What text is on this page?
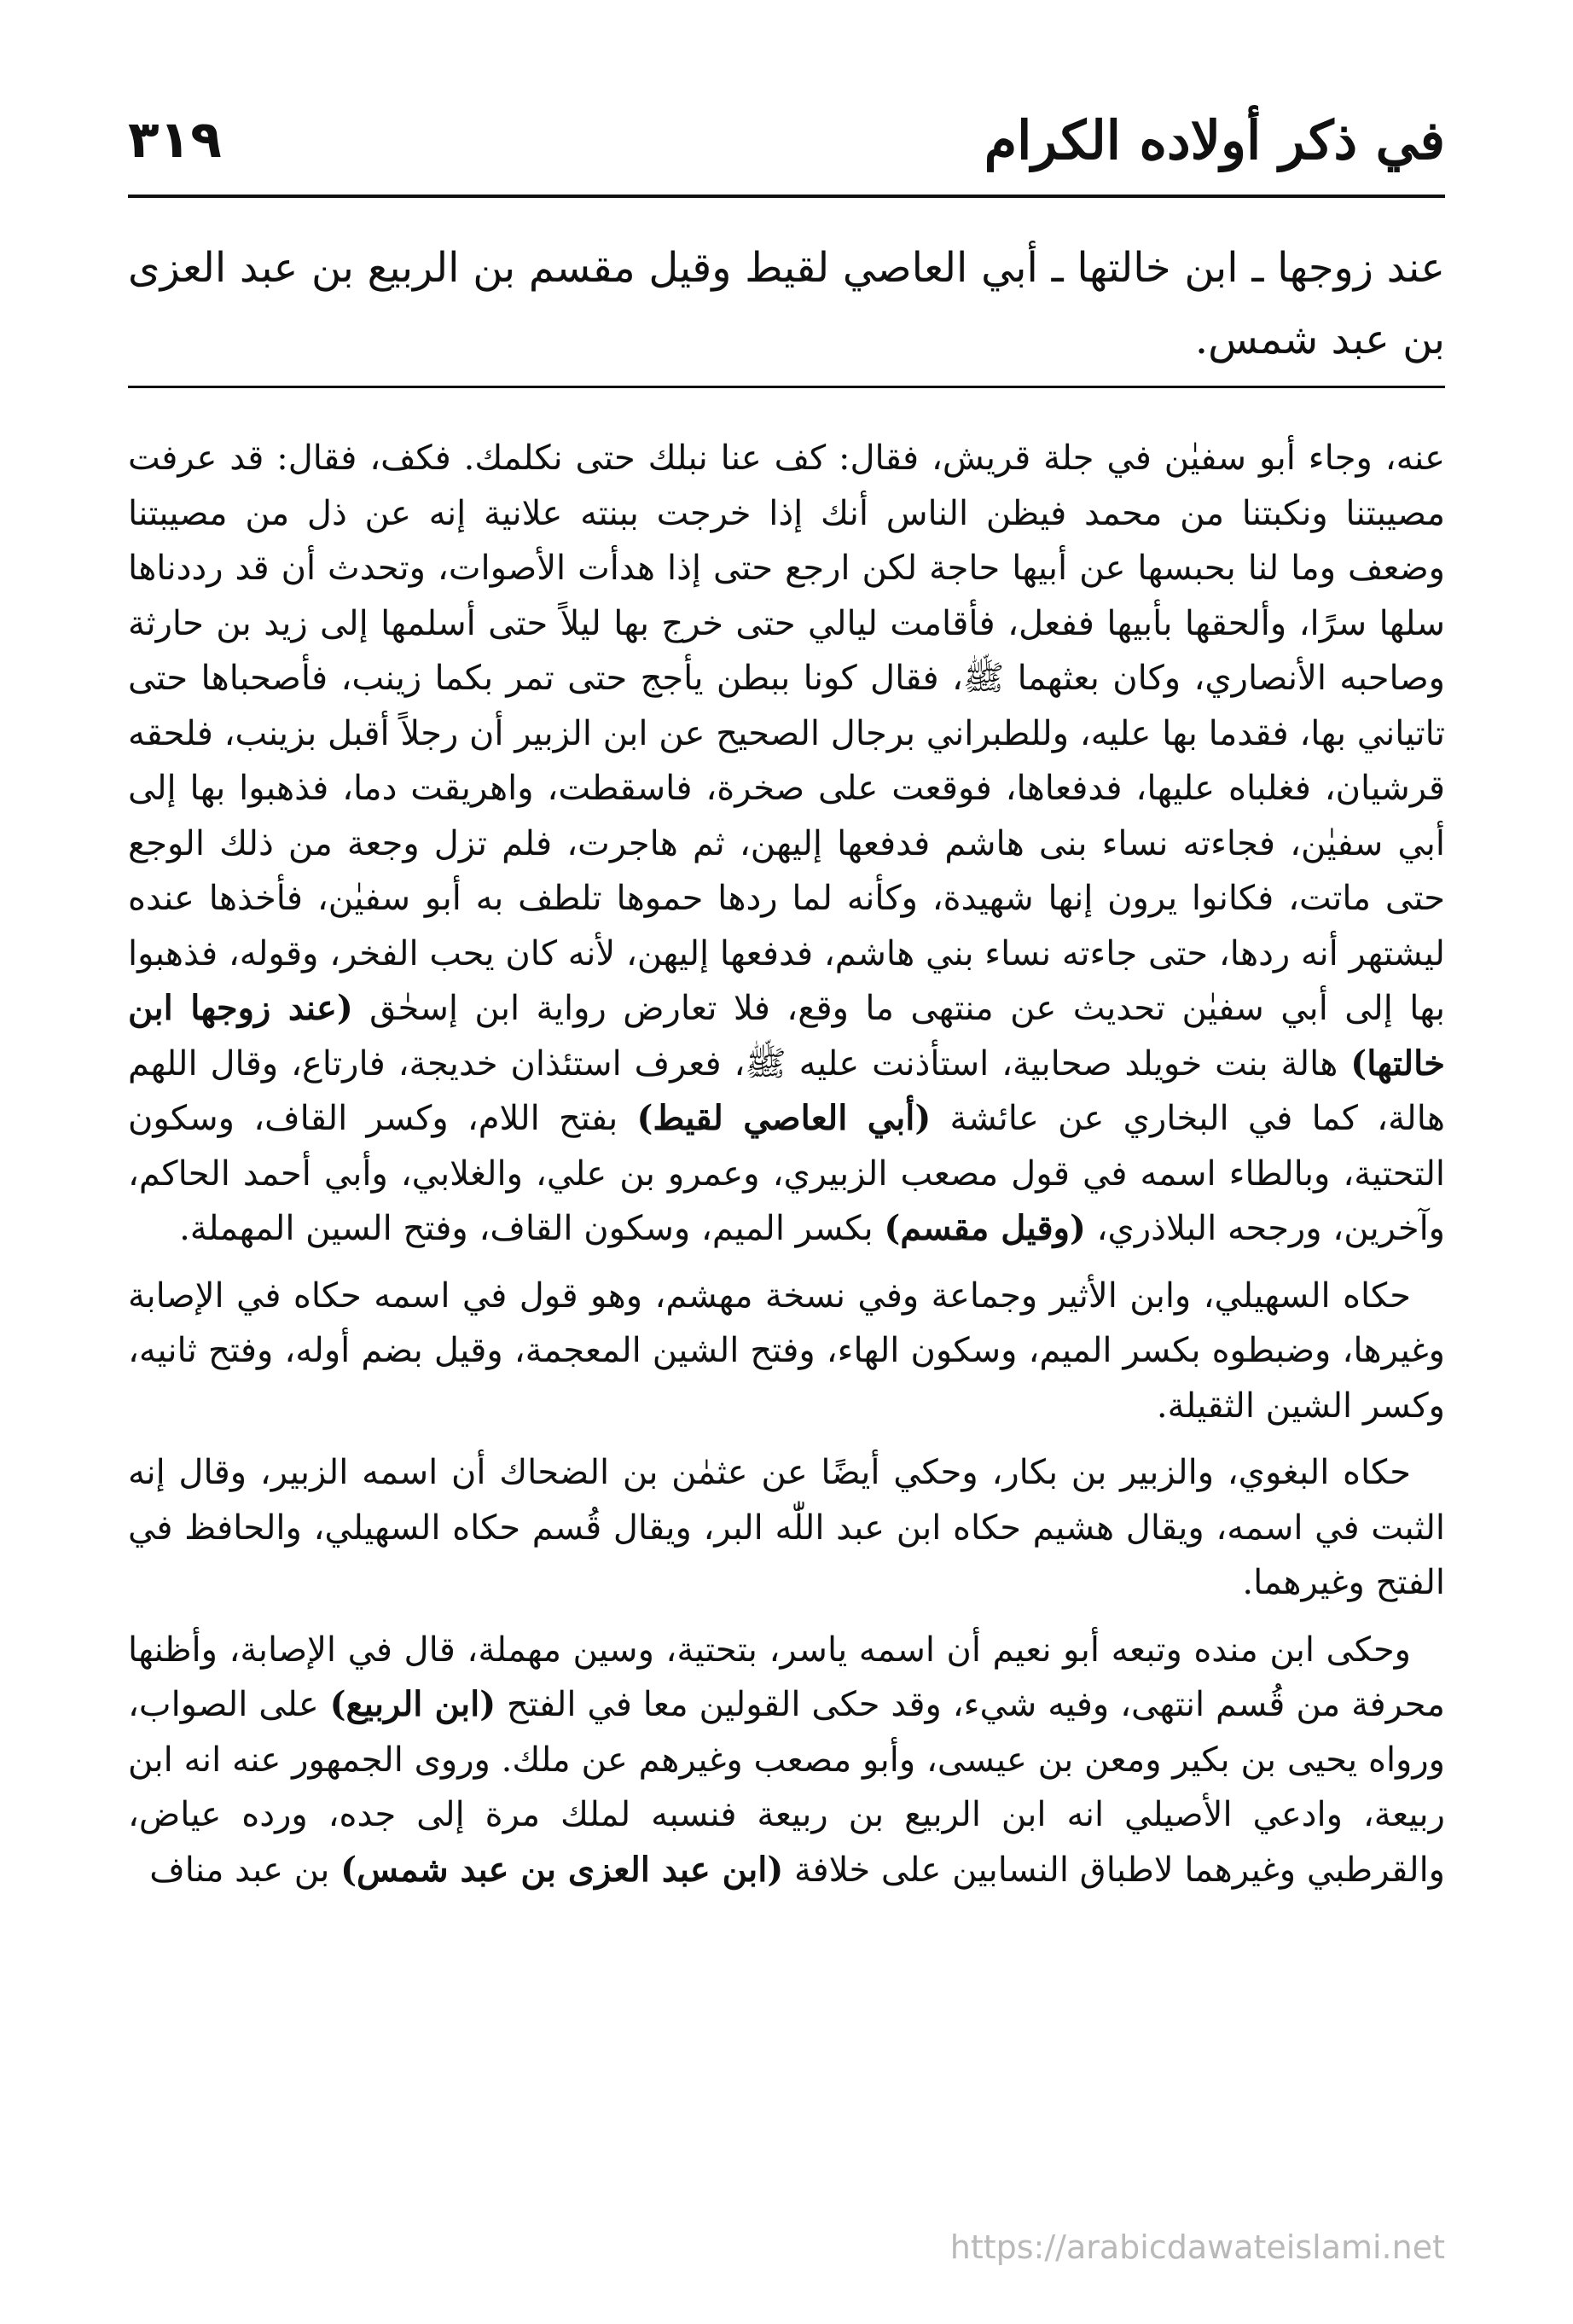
في ذكر أولاده الكرام
٣١٩
عند زوجها ـ ابن خالتها ـ أبي العاصي لقيط وقيل مقسم بن الربيع بن عبد العزى بن عبد شمس.

عنه، وجاء أبو سفيٰن في جلة قريش، فقال: كف عنا نبلك حتى نكلمك. فكف، فقال: قد عرفت مصيبتنا ونكبتنا من محمد فيظن الناس أنك إذا خرجت ببنته علانية إنه عن ذل من مصيبتنا وضعف وما لنا بحبسها عن أبيها حاجة لكن ارجع حتى إذا هدأت الأصوات، وتحدث أن قد رددناها سلها سرًا، وألحقها بأبيها ففعل، فأقامت ليالي حتى خرج بها ليلاً حتى أسلمها إلى زيد بن حارثة وصاحبه الأنصاري، وكان بعثهما ﷺ، فقال كونا ببطن يأجج حتى تمر بكما زينب، فأصحباها حتى تاتياني بها، فقدما بها عليه، وللطبراني برجال الصحيح عن ابن الزبير أن رجلاً أقبل بزينب، فلحقه قرشيان، فغلباه عليها، فدفعاها، فوقعت على صخرة، فاسقطت، واهريقت دما، فذهبوا بها إلى أبي سفيٰن، فجاءته نساء بنى هاشم فدفعها إليهن، ثم هاجرت، فلم تزل وجعة من ذلك الوجع حتى ماتت، فكانوا يرون إنها شهيدة، وكأنه لما ردها حموها تلطف به أبو سفيٰن، فأخذها عنده ليشتهر أنه ردها، حتى جاءته نساء بني هاشم، فدفعها إليهن، لأنه كان يحب الفخر، وقوله، فذهبوا بها إلى أبي سفيٰن تحديث عن منتهى ما وقع، فلا تعارض رواية ابن إسحٰق (عند زوجها ابن خالتها) هالة بنت خويلد صحابية، استأذنت عليه ﷺ، فعرف استئذان خديجة، فارتاع، وقال اللهم هالة، كما في البخاري عن عائشة (أبي العاصي لقيط) بفتح اللام، وكسر القاف، وسكون التحتية، وبالطاء اسمه في قول مصعب الزبيري، وعمرو بن علي، والغلابي، وأبي أحمد الحاكم، وآخرين، ورجحه البلاذري، (وقيل مقسم) بكسر الميم، وسكون القاف، وفتح السين المهملة.

حكاه السهيلي، وابن الأثير وجماعة وفي نسخة مهشم، وهو قول في اسمه حكاه في الإصابة وغيرها، وضبطوه بكسر الميم، وسكون الهاء، وفتح الشين المعجمة، وقيل بضم أوله، وفتح ثانيه، وكسر الشين الثقيلة.

حكاه البغوي، والزبير بن بكار، وحكي أيضًا عن عثمٰن بن الضحاك أن اسمه الزبير، وقال إنه الثبت في اسمه، ويقال هشيم حكاه ابن عبد اللّٰه البر، ويقال قُسم حكاه السهيلي، والحافظ في الفتح وغيرهما.

وحكى ابن منده وتبعه أبو نعيم أن اسمه ياسر، بتحتية، وسين مهملة، قال في الإصابة، وأظنها محرفة من قُسم انتهى، وفيه شيء، وقد حكى القولين معا في الفتح (ابن الربيع) على الصواب، ورواه يحيى بن بكير ومعن بن عيسى، وأبو مصعب وغيرهم عن ملك. وروى الجمهور عنه انه ابن ربيعة، وادعي الأصيلي انه ابن الربيع بن ربيعة فنسبه لملك مرة إلى جده، ورده عياض، والقرطبي وغيرهما لاطباق النسابين على خلافة (ابن عبد العزى بن عبد شمس) بن عبد مناف

https://arabicdawateislami.net
